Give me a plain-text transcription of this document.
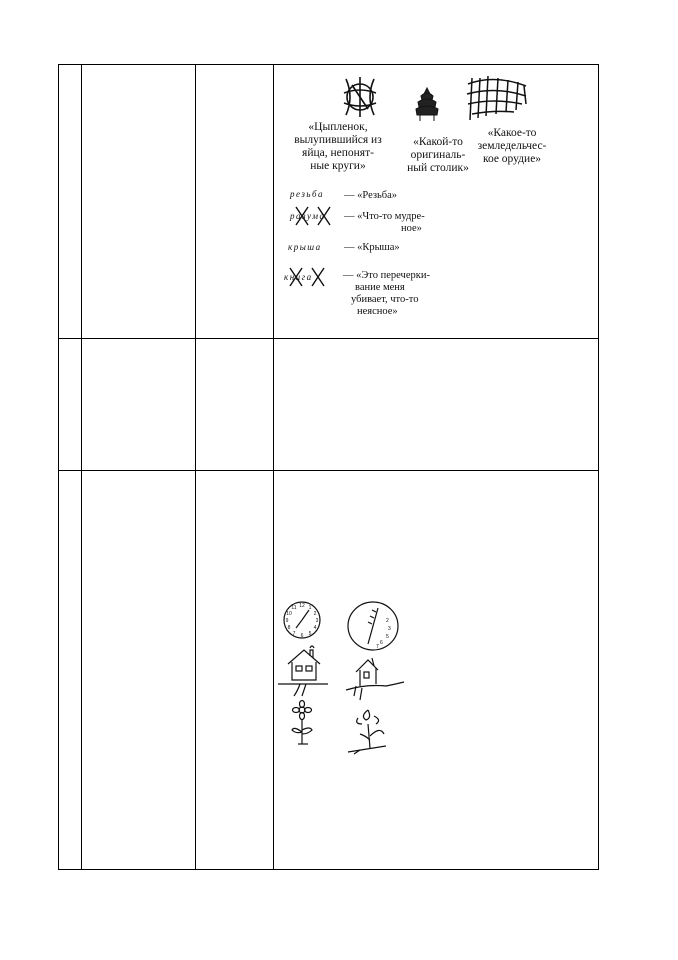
«Цыпленок,
вылупившийся из
яйца, непонят-
ные круги»
«Какой-то
оригиналь-
ный столик»
«Какое-то
земледельчес-
кое орудие»
резьба — «Резьба»
разума — «Что-то мудре-
ное»
крыша — «Крыша»
книга	— «Это перечерки-
вание меня
убивает, что-то
неясное»
12 1
2
3
4
5
6
7
8
9
10
11
2
3
5
6
7
